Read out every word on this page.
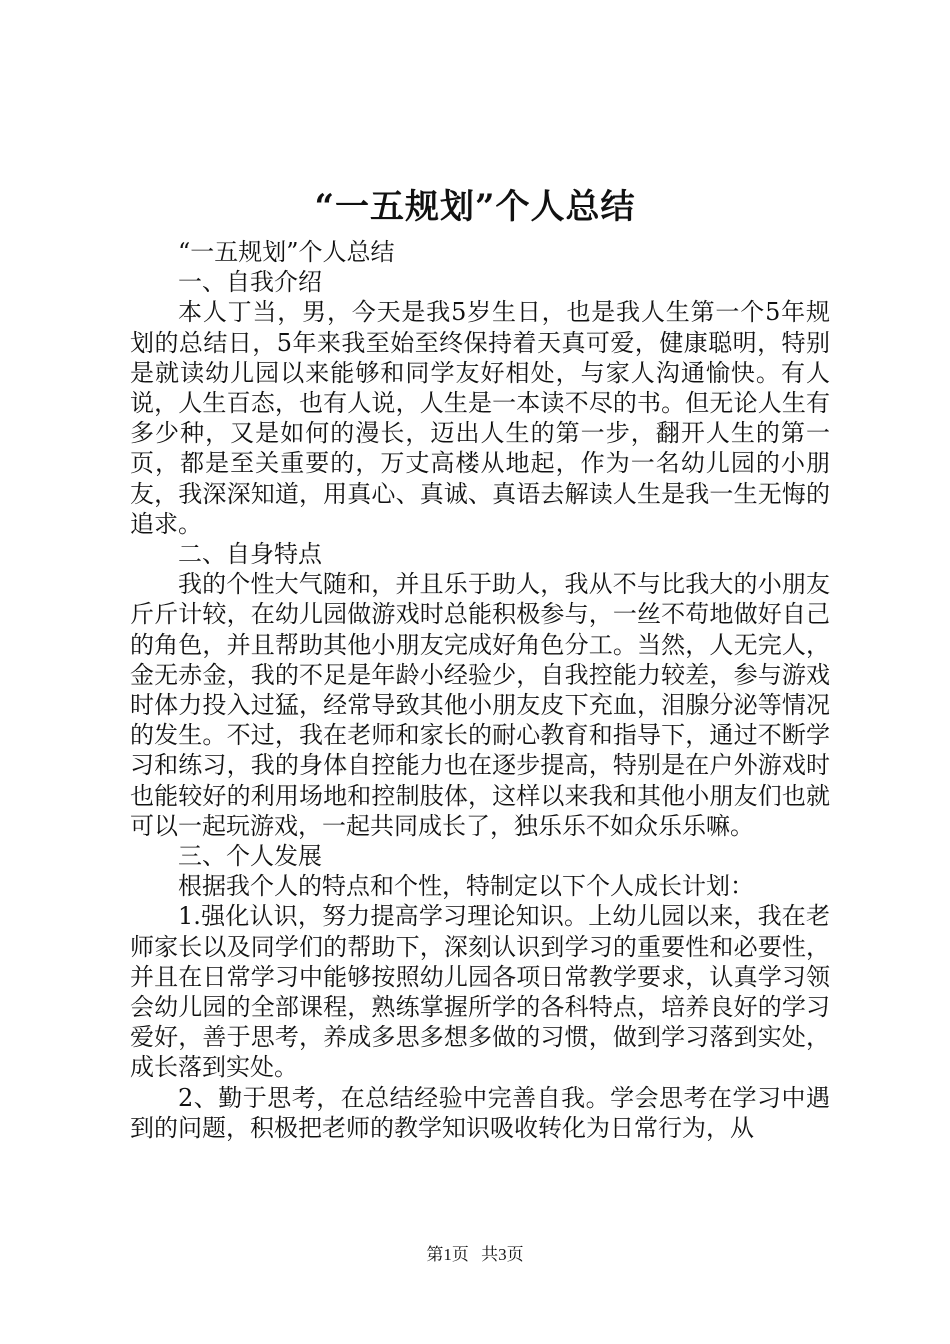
“一五规划”个人总结

“一五规划”个人总结

一、自我介绍

本人丁当，男，今天是我5岁生日，也是我人生第一个5年规划的总结日，5年来我至始至终保持着天真可爱，健康聪明，特别是就读幼儿园以来能够和同学友好相处，与家人沟通愉快。有人说，人生百态，也有人说，人生是一本读不尽的书。但无论人生有多少种，又是如何的漫长，迈出人生的第一步，翻开人生的第一页，都是至关重要的，万丈高楼从地起，作为一名幼儿园的小朋友，我深深知道，用真心、真诚、真语去解读人生是我一生无悔的追求。

二、自身特点

我的个性大气随和，并且乐于助人，我从不与比我大的小朋友斤斤计较，在幼儿园做游戏时总能积极参与，一丝不苟地做好自己的角色，并且帮助其他小朋友完成好角色分工。当然，人无完人，金无赤金，我的不足是年龄小经验少，自我控能力较差，参与游戏时体力投入过猛，经常导致其他小朋友皮下充血，泪腺分泌等情况的发生。不过，我在老师和家长的耐心教育和指导下，通过不断学习和练习，我的身体自控能力也在逐步提高，特别是在户外游戏时也能较好的利用场地和控制肢体，这样以来我和其他小朋友们也就可以一起玩游戏，一起共同成长了，独乐乐不如众乐乐嘛。

三、个人发展

根据我个人的特点和个性，特制定以下个人成长计划：

1.强化认识，努力提高学习理论知识。上幼儿园以来，我在老师家长以及同学们的帮助下，深刻认识到学习的重要性和必要性，并且在日常学习中能够按照幼儿园各项日常教学要求，认真学习领会幼儿园的全部课程，熟练掌握所学的各科特点，培养良好的学习爱好，善于思考，养成多思多想多做的习惯，做到学习落到实处，成长落到实处。

2、勤于思考，在总结经验中完善自我。学会思考在学习中遇到的问题，积极把老师的教学知识吸收转化为日常行为，从

第1页 共3页
